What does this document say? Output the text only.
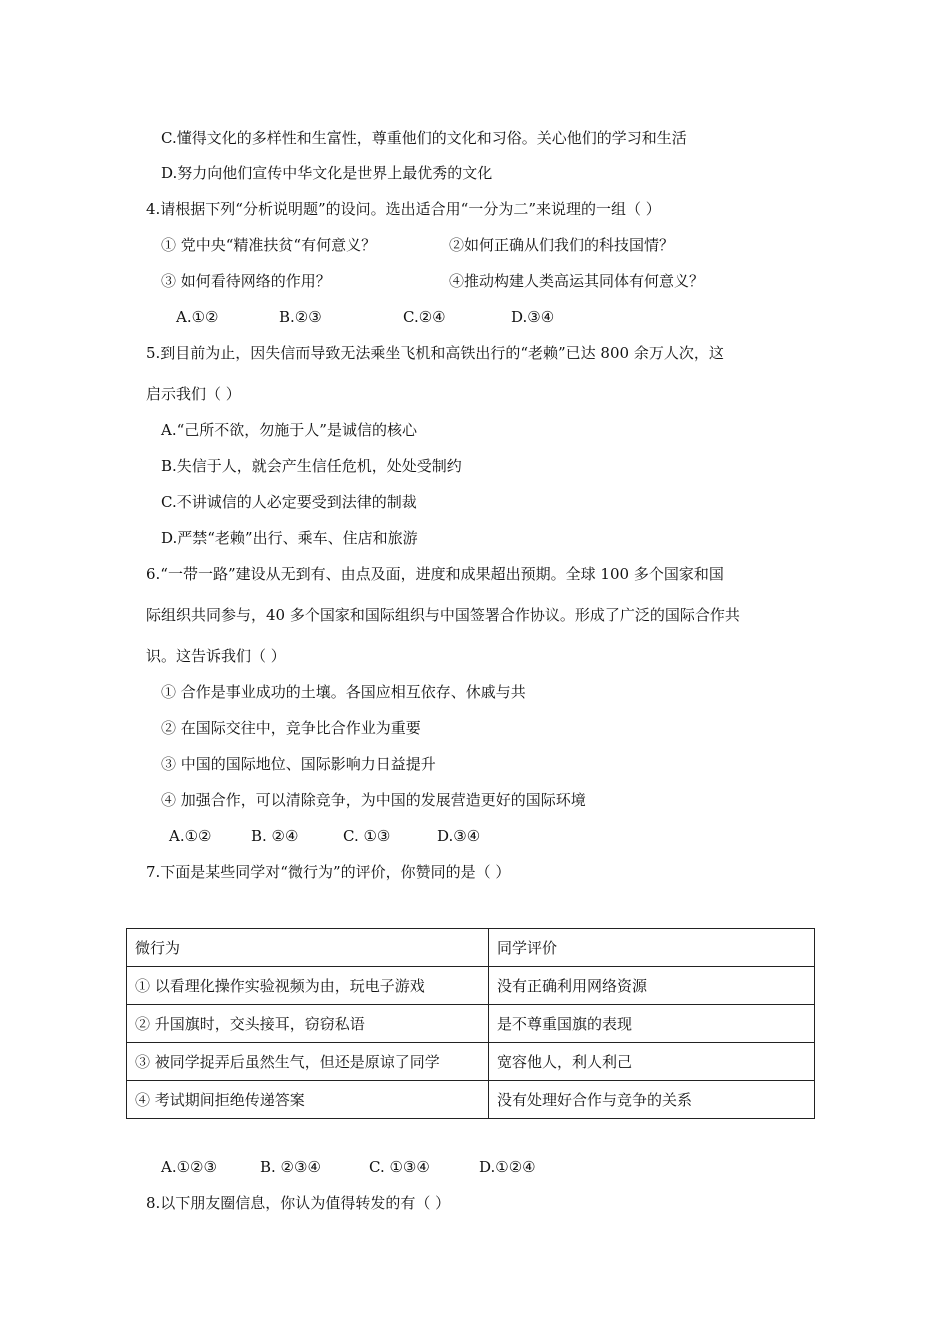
C.懂得文化的多样性和生富性，尊重他们的文化和习俗。关心他们的学习和生活
D.努力向他们宣传中华文化是世界上最优秀的文化
4.请根据下列“分析说明题”的设问。选出适合用“一分为二”来说理的一组（ ）
① 党中央“精准扶贫“有何意义？	②如何正确从们我们的科技国情？
③ 如何看待网络的作用？	④推动构建人类高运其同体有何意义？
A.①②	B.②③	C.②④	D.③④
5.到目前为止，因失信而导致无法乘坐飞机和高铁出行的“老赖”已达 800 余万人次，这
启示我们（ ）
A.“己所不欲，勿施于人”是诚信的核心
B.失信于人，就会产生信任危机，处处受制约
C.不讲诚信的人必定要受到法律的制裁
D.严禁“老赖”出行、乘车、住店和旅游
6.“一带一路”建设从无到有、由点及面，进度和成果超出预期。全球 100 多个国家和国
际组织共同参与，40 多个国家和国际组织与中国签署合作协议。形成了广泛的国际合作共
识。这告诉我们（ ）
① 合作是事业成功的土壤。各国应相互依存、休戚与共
② 在国际交往中，竞争比合作业为重要
③ 中国的国际地位、国际影响力日益提升
④ 加强合作，可以清除竞争，为中国的发展营造更好的国际环境
A.①②	B. ②④	C. ①③	D.③④
7.下面是某些同学对“微行为”的评价，你赞同的是（ ）
微行为	同学评价
① 以看理化操作实验视频为由，玩电子游戏	没有正确利用网络资源
② 升国旗时，交头接耳，窃窃私语	是不尊重国旗的表现
③ 被同学捉弄后虽然生气，但还是原谅了同学	宽容他人，利人利己
④ 考试期间拒绝传递答案	没有处理好合作与竞争的关系
A.①②③	B. ②③④	C. ①③④	D.①②④
8.以下朋友圈信息，你认为值得转发的有（ ）
